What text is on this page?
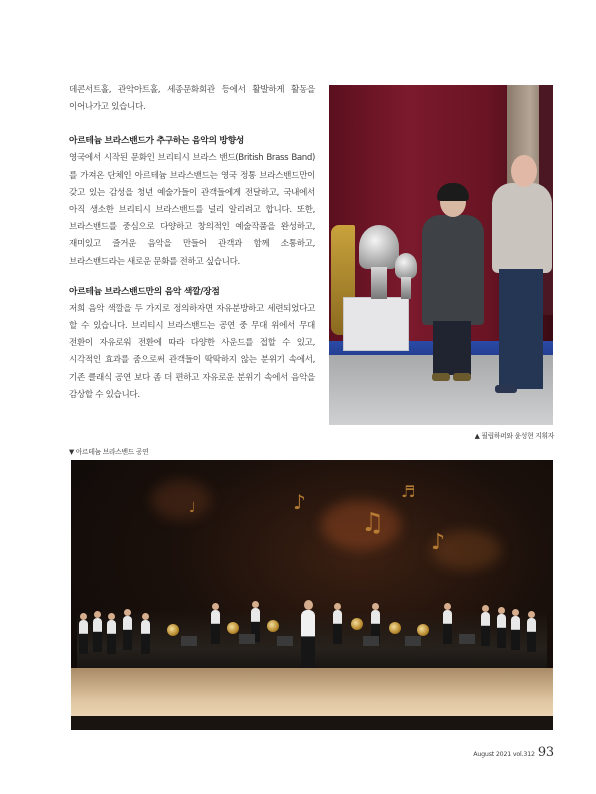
데콘서트홀, 관악아트홀, 세종문화회관 등에서 활발하게 활동을 이어나가고 있습니다.

아르테늄 브라스밴드가 추구하는 음악의 방향성

영국에서 시작된 문화인 브리티시 브라스 밴드(British Brass Band)를 가져온 단체인 아르테늄 브라스밴드는 영국 정통 브라스밴드만이 갖고 있는 감성을 청년 예술가들이 관객들에게 전달하고, 국내에서 아직 생소한 브리티시 브라스밴드를 널리 알리려고 합니다. 또한, 브라스밴드를 중심으로 다양하고 창의적인 예술작품을 완성하고, 재미있고 즐거운 음악을 만들어 관객과 함께 소통하고, 브라스밴드라는 새로운 문화를 전하고 싶습니다.

아르테늄 브라스밴드만의 음악 색깔/장점

저희 음악 색깔을 두 가지로 정의하자면 자유분방하고 세련되었다고 할 수 있습니다. 브리티시 브라스밴드는 공연 중 무대 위에서 무대 전환이 자유로워 전환에 따라 다양한 사운드를 접할 수 있고, 시각적인 효과를 줌으로써 관객들이 딱딱하지 않는 분위기 속에서, 기존 클래식 공연 보다 좀 더 편하고 자유로운 분위기 속에서 음악을 감상할 수 있습니다.

▲ 필립하퍼와 윤성현 지휘자
▼ 아르테늄 브라스밴드 공연
♪
♫
♪
♬
♩
August 2021 vol.312 93
